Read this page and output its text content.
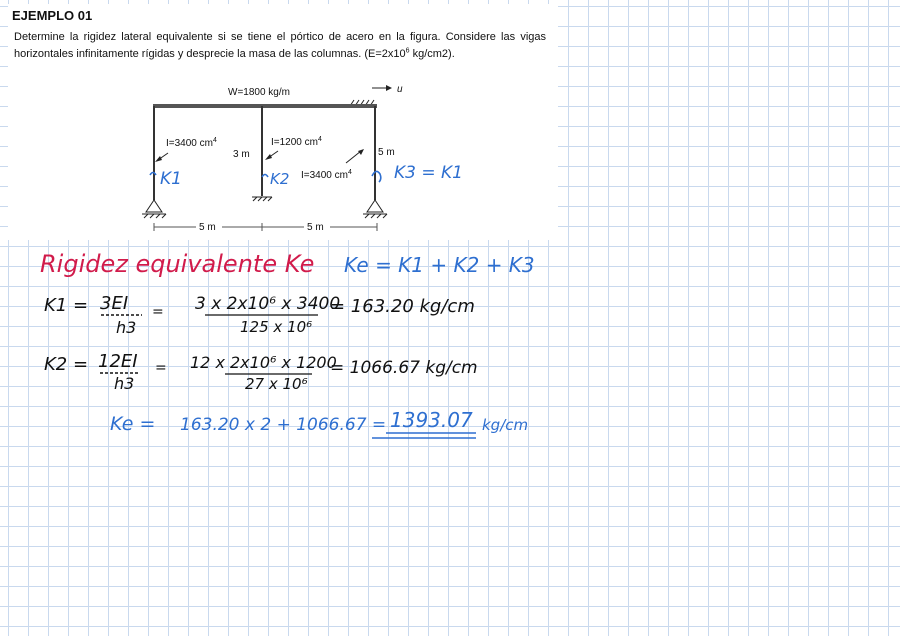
EJEMPLO 01
Determine la rigidez lateral equivalente si se tiene el pórtico de acero en la figura. Considere las vigas horizontales infinitamente rígidas y desprecie la masa de las columnas. ($E=2x10^6$ kg/cm2).
u
W=1800 kg/m
I=3400 $cm^4$	I=1200 $cm^4$
I=3400 $cm^4$
3 m	5 m
5 m	5 m
K1	K2	K3 = K1
Rigidez equivalente Ke Ke = K1 + K2 + K3
K1 = 3EI
h3
= 3 x 2x10⁶ x 3400
125 x 10⁶
= 163.20 kg/cm
K2 = 12EI
h3
= 12 x 2x10⁶ x 1200
27 x 10⁶
= 1066.67 kg/cm
Ke = 163.20 x 2 + 1066.67 = 1393.07 kg/cm
